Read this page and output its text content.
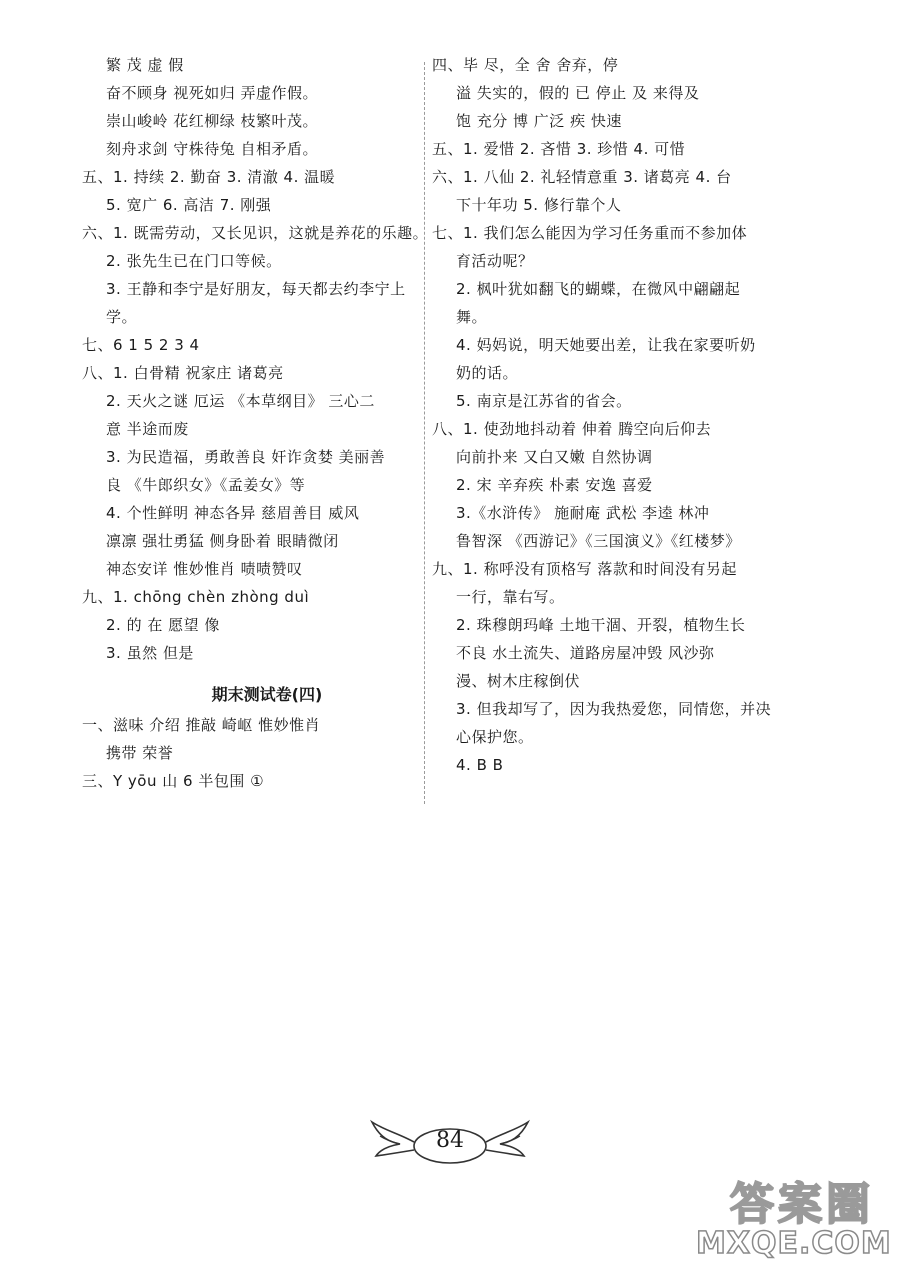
繁 茂 虚 假
奋不顾身 视死如归 弄虚作假。
崇山峻岭 花红柳绿 枝繁叶茂。
刻舟求剑 守株待兔 自相矛盾。
五、1. 持续 2. 勤奋 3. 清澈 4. 温暖
5. 宽广 6. 高洁 7. 刚强
六、1. 既需劳动，又长见识，这就是养花的乐趣。
2. 张先生已在门口等候。
3. 王静和李宁是好朋友，每天都去约李宁上
学。
七、6 1 5 2 3 4
八、1. 白骨精 祝家庄 诸葛亮
2. 天火之谜 厄运 《本草纲目》 三心二
意 半途而废
3. 为民造福，勇敢善良 奸诈贪婪 美丽善
良 《牛郎织女》《孟姜女》等
4. 个性鲜明 神态各异 慈眉善目 威风
凛凛 强壮勇猛 侧身卧着 眼睛微闭
神态安详 惟妙惟肖 啧啧赞叹
九、1. chōng chèn zhòng duì
2. 的 在 愿望 像
3. 虽然 但是
期末测试卷(四)
一、滋味 介绍 推敲 崎岖 惟妙惟肖
携带 荣誉
三、Y yōu 山 6 半包围 ①
四、毕 尽，全 舍 舍弃，停
溢 失实的，假的 已 停止 及 来得及
饱 充分 博 广泛 疾 快速
五、1. 爱惜 2. 吝惜 3. 珍惜 4. 可惜
六、1. 八仙 2. 礼轻情意重 3. 诸葛亮 4. 台
下十年功 5. 修行靠个人
七、1. 我们怎么能因为学习任务重而不参加体
育活动呢？
2. 枫叶犹如翻飞的蝴蝶，在微风中翩翩起
舞。
4. 妈妈说，明天她要出差，让我在家要听奶
奶的话。
5. 南京是江苏省的省会。
八、1. 使劲地抖动着 伸着 腾空向后仰去
向前扑来 又白又嫩 自然协调
2. 宋 辛弃疾 朴素 安逸 喜爱
3.《水浒传》 施耐庵 武松 李逵 林冲
鲁智深 《西游记》《三国演义》《红楼梦》
九、1. 称呼没有顶格写 落款和时间没有另起
一行，靠右写。
2. 珠穆朗玛峰 土地干涸、开裂，植物生长
不良 水土流失、道路房屋冲毁 风沙弥
漫、树木庄稼倒伏
3. 但我却写了，因为我热爱您，同情您，并决
心保护您。
4. B B
84
答案圈
MXQE.COM
